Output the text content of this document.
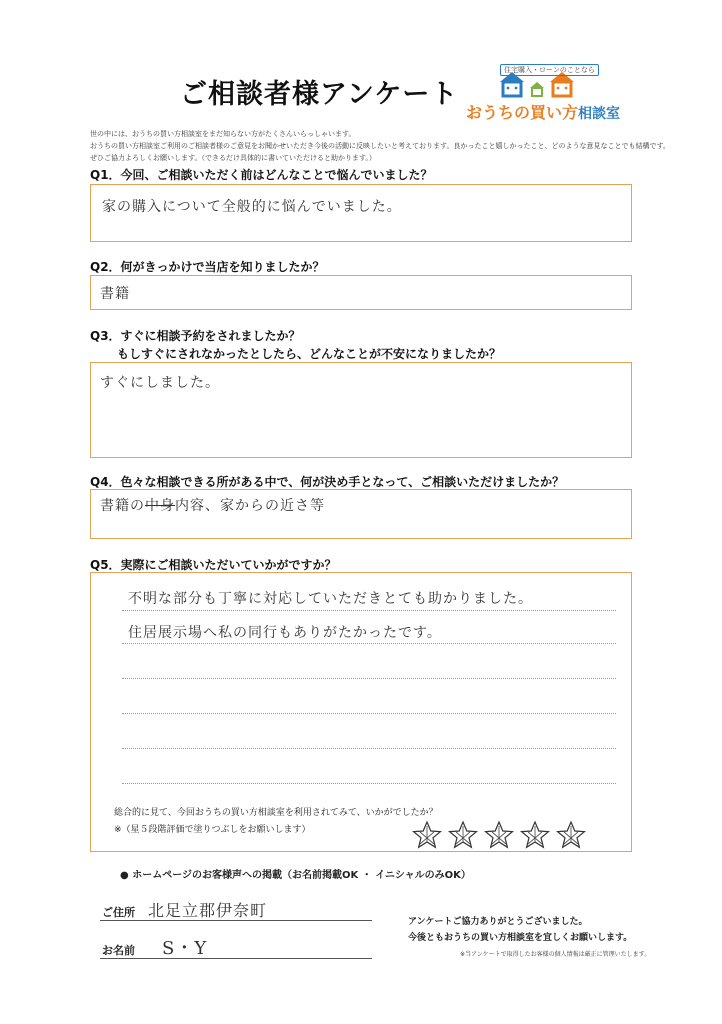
ご相談者様アンケート
住宅購入・ローンのことなら
おうちの買い方相談室
世の中には、おうちの買い方相談室をまだ知らない方がたくさんいらっしゃいます。
おうちの買い方相談室ご利用のご相談者様のご意見をお聞かせいただき今後の活動に反映したいと考えております。良かったこと嬉しかったこと、どのような意見なことでも結構です。
ぜひご協力よろしくお願いします。（できるだけ具体的に書いていただけると助かります。）
Q1．今回、ご相談いただく前はどんなことで悩んでいました？
家の購入について全般的に悩んでいました。
Q2．何がきっかけで当店を知りましたか？
書籍
Q3．すぐに相談予約をされましたか？
もしすぐにされなかったとしたら、どんなことが不安になりましたか？
すぐにしました。
Q4．色々な相談できる所がある中で、何が決め手となって、ご相談いただけましたか？
書籍の中身内容、家からの近さ等
Q5．実際にご相談いただいていかがですか？
不明な部分も丁寧に対応していただきとても助かりました。
住居展示場へ私の同行もありがたかったです。
総合的に見て、今回おうちの買い方相談室を利用されてみて、いかがでしたか？
※（星５段階評価で塗りつぶしをお願いします）
● ホームページのお客様声への掲載（お名前掲載OK ・ イニシャルのみOK）
ご住所 北足立郡伊奈町
お名前 S・Y
アンケートご協力ありがとうございました。
今後ともおうちの買い方相談室を宜しくお願いします。
※当アンケートで取得したお客様の個人情報は厳正に管理いたします。
